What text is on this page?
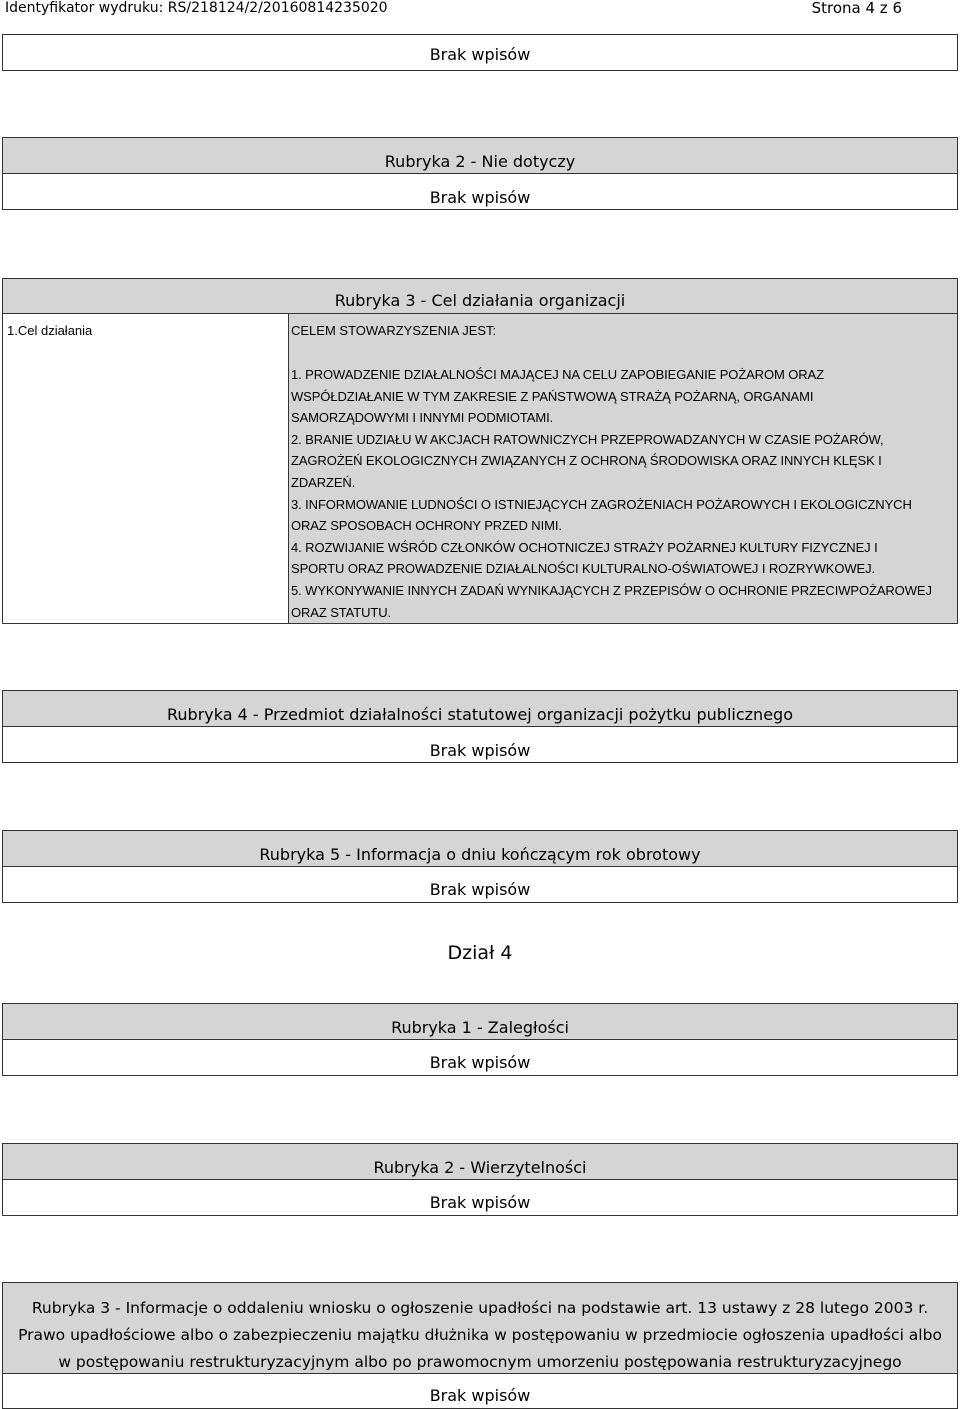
Identyfikator wydruku: RS/218124/2/20160814235020	Strona 4 z 6
Brak wpisów
Rubryka 2 - Nie dotyczy
Brak wpisów
Rubryka 3 - Cel działania organizacji
1.Cel działania	CELEM STOWARZYSZENIA JEST:
1. PROWADZENIE DZIAŁALNOŚCI MAJĄCEJ NA CELU ZAPOBIEGANIE POŻAROM ORAZ
WSPÓŁDZIAŁANIE W TYM ZAKRESIE Z PAŃSTWOWĄ STRAŻĄ POŻARNĄ, ORGANAMI
SAMORZĄDOWYMI I INNYMI PODMIOTAMI.
2. BRANIE UDZIAŁU W AKCJACH RATOWNICZYCH PRZEPROWADZANYCH W CZASIE POŻARÓW,
ZAGROŻEŃ EKOLOGICZNYCH ZWIĄZANYCH Z OCHRONĄ ŚRODOWISKA ORAZ INNYCH KLĘSK I
ZDARZEŃ.
3. INFORMOWANIE LUDNOŚCI O ISTNIEJĄCYCH ZAGROŻENIACH POŻAROWYCH I EKOLOGICZNYCH
ORAZ SPOSOBACH OCHRONY PRZED NIMI.
4. ROZWIJANIE WŚRÓD CZŁONKÓW OCHOTNICZEJ STRAŻY POŻARNEJ KULTURY FIZYCZNEJ I
SPORTU ORAZ PROWADZENIE DZIAŁALNOŚCI KULTURALNO-OŚWIATOWEJ I ROZRYWKOWEJ.
5. WYKONYWANIE INNYCH ZADAŃ WYNIKAJĄCYCH Z PRZEPISÓW O OCHRONIE PRZECIWPOŻAROWEJ
ORAZ STATUTU.
Rubryka 4 - Przedmiot działalności statutowej organizacji pożytku publicznego
Brak wpisów
Rubryka 5 - Informacja o dniu kończącym rok obrotowy
Brak wpisów
Dział 4
Rubryka 1 - Zaległości
Brak wpisów
Rubryka 2 - Wierzytelności
Brak wpisów
Rubryka 3 - Informacje o oddaleniu wniosku o ogłoszenie upadłości na podstawie art. 13 ustawy z 28 lutego 2003 r.
Prawo upadłościowe albo o zabezpieczeniu majątku dłużnika w postępowaniu w przedmiocie ogłoszenia upadłości albo
w postępowaniu restrukturyzacyjnym albo po prawomocnym umorzeniu postępowania restrukturyzacyjnego
Brak wpisów
